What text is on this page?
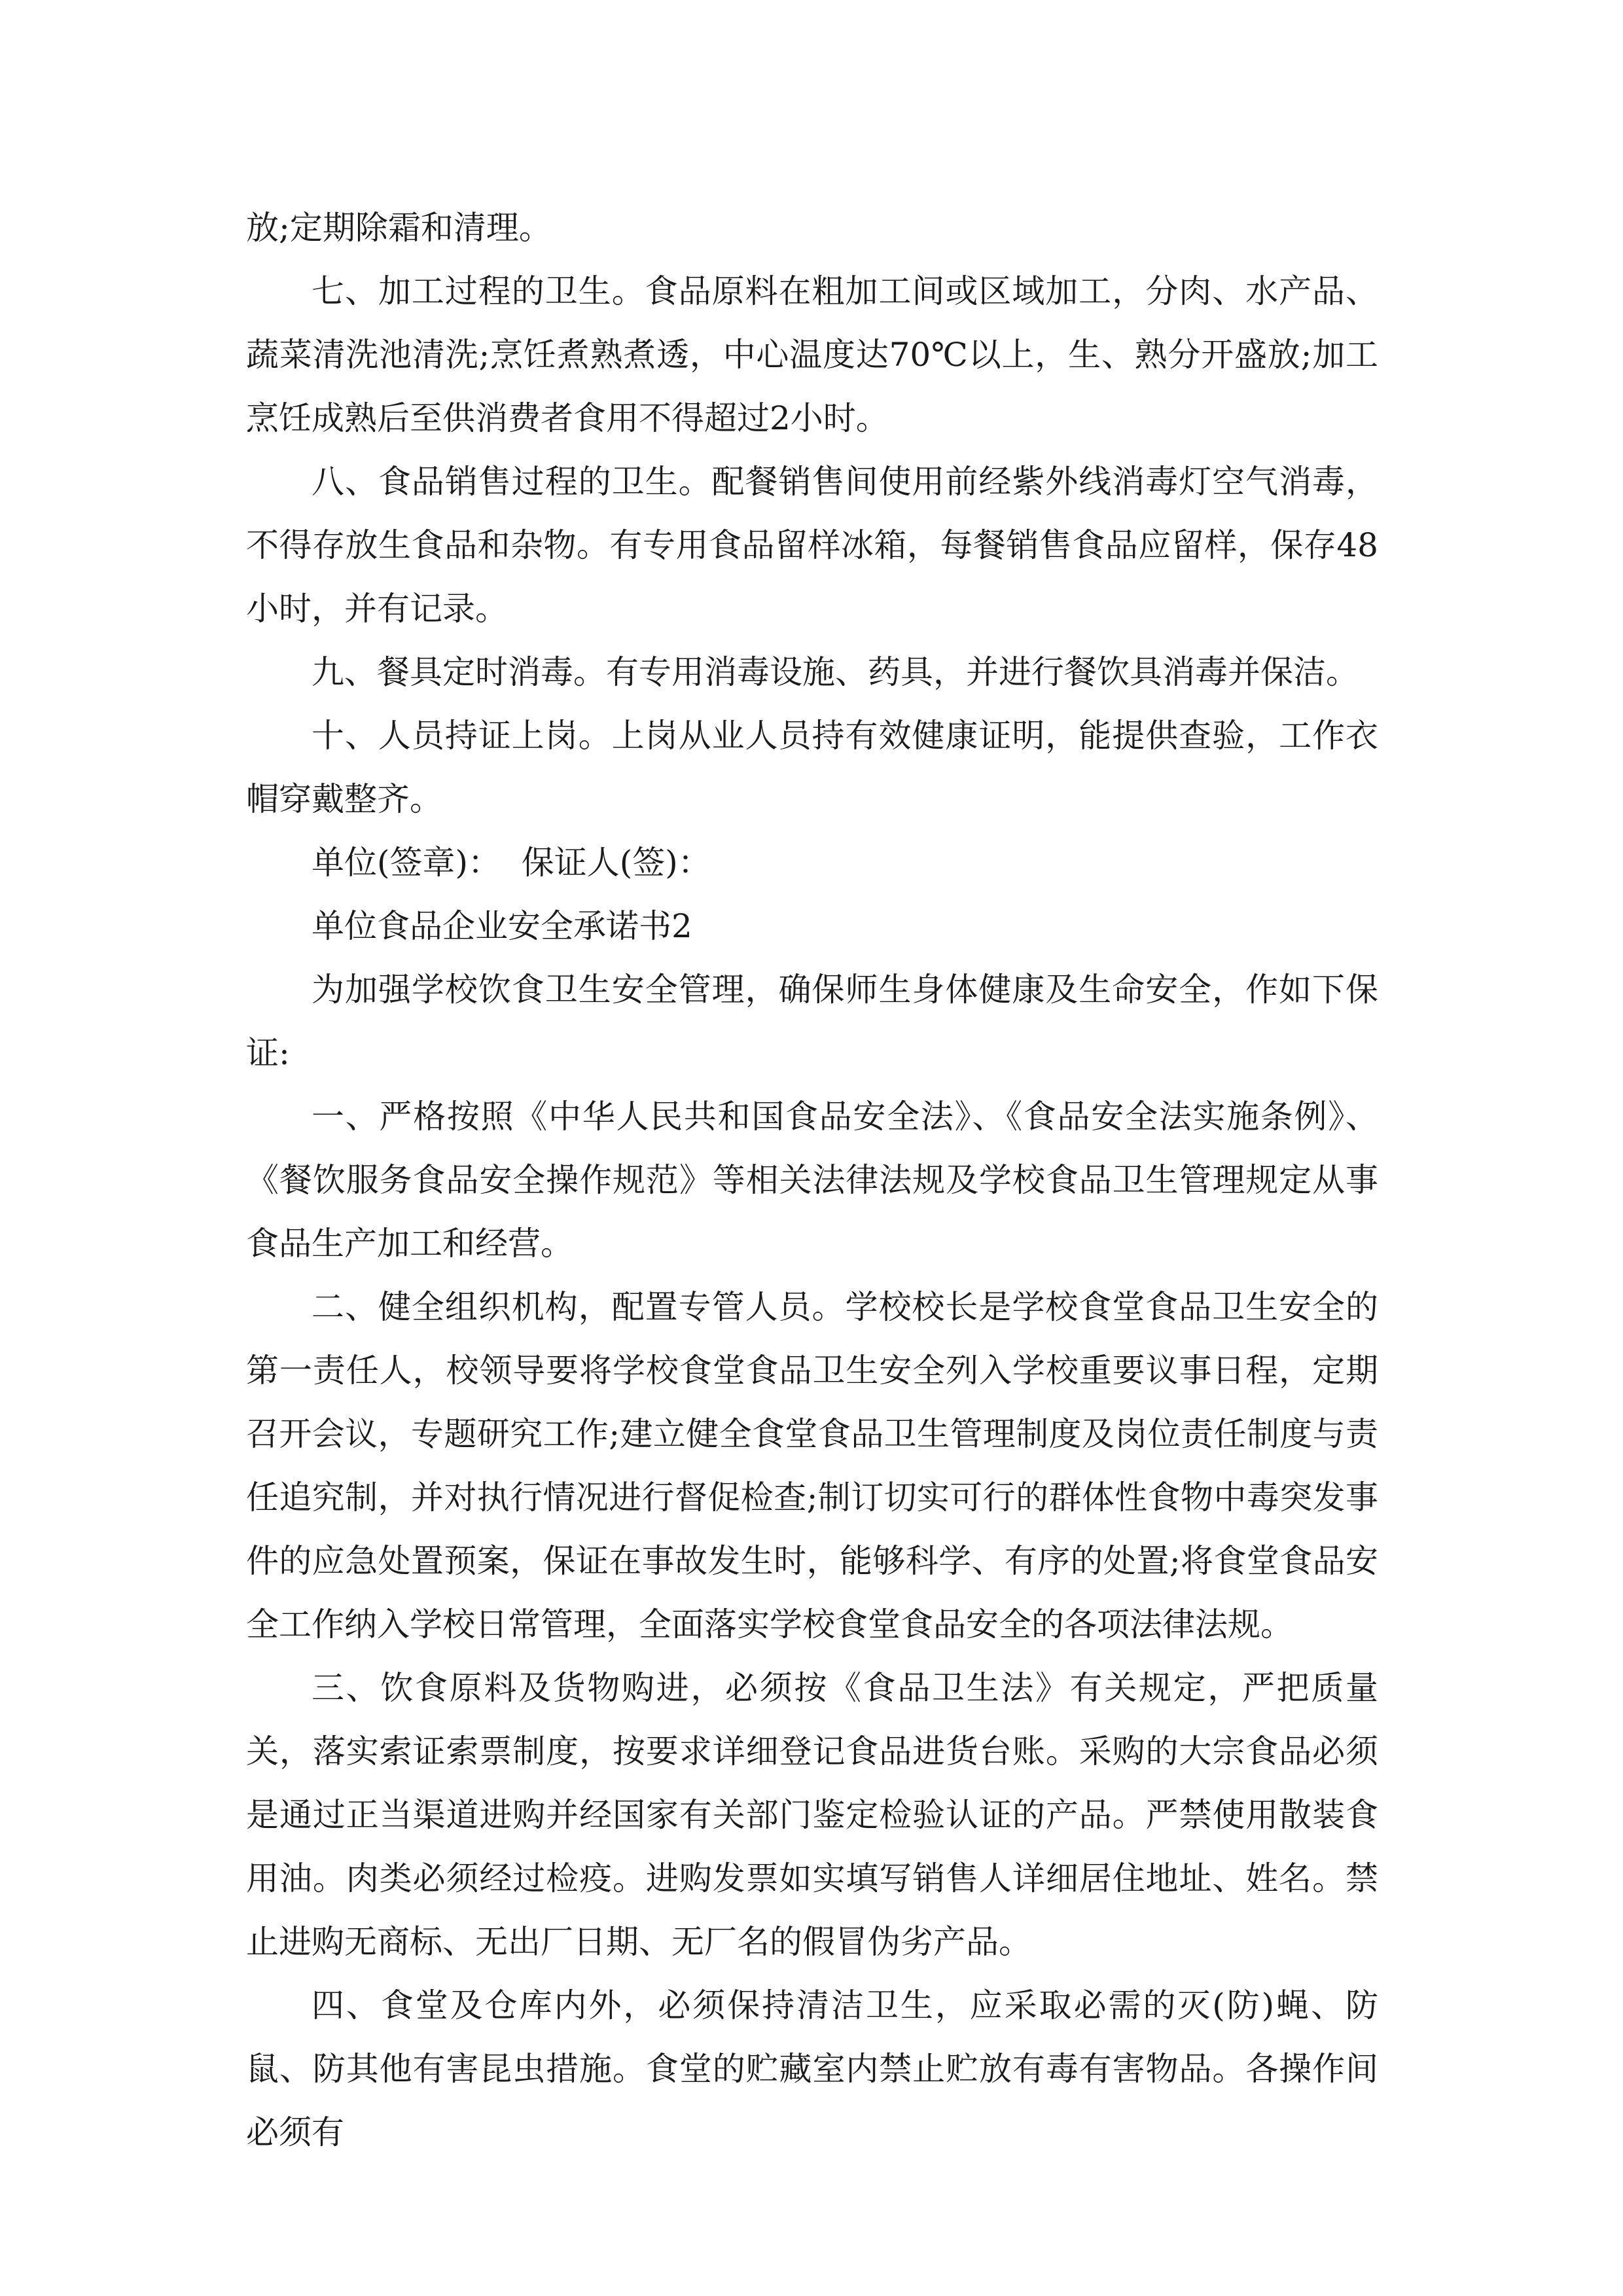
放;定期除霜和清理。

七、加工过程的卫生。食品原料在粗加工间或区域加工，分肉、水产品、蔬菜清洗池清洗;烹饪煮熟煮透，中心温度达70℃以上，生、熟分开盛放;加工烹饪成熟后至供消费者食用不得超过2小时。

八、食品销售过程的卫生。配餐销售间使用前经紫外线消毒灯空气消毒，不得存放生食品和杂物。有专用食品留样冰箱，每餐销售食品应留样，保存48小时，并有记录。

九、餐具定时消毒。有专用消毒设施、药具，并进行餐饮具消毒并保洁。

十、人员持证上岗。上岗从业人员持有效健康证明，能提供查验，工作衣帽穿戴整齐。

单位(签章)：  保证人(签)：

单位食品企业安全承诺书2

为加强学校饮食卫生安全管理，确保师生身体健康及生命安全，作如下保证:

一、严格按照《中华人民共和国食品安全法》、《食品安全法实施条例》、《餐饮服务食品安全操作规范》等相关法律法规及学校食品卫生管理规定从事食品生产加工和经营。

二、健全组织机构，配置专管人员。学校校长是学校食堂食品卫生安全的第一责任人，校领导要将学校食堂食品卫生安全列入学校重要议事日程，定期召开会议，专题研究工作;建立健全食堂食品卫生管理制度及岗位责任制度与责任追究制，并对执行情况进行督促检查;制订切实可行的群体性食物中毒突发事件的应急处置预案，保证在事故发生时，能够科学、有序的处置;将食堂食品安全工作纳入学校日常管理，全面落实学校食堂食品安全的各项法律法规。

三、饮食原料及货物购进，必须按《食品卫生法》有关规定，严把质量关，落实索证索票制度，按要求详细登记食品进货台账。采购的大宗食品必须是通过正当渠道进购并经国家有关部门鉴定检验认证的产品。严禁使用散装食用油。肉类必须经过检疫。进购发票如实填写销售人详细居住地址、姓名。禁止进购无商标、无出厂日期、无厂名的假冒伪劣产品。

四、食堂及仓库内外，必须保持清洁卫生，应采取必需的灭(防)蝇、防鼠、防其他有害昆虫措施。食堂的贮藏室内禁止贮放有毒有害物品。各操作间必须有
